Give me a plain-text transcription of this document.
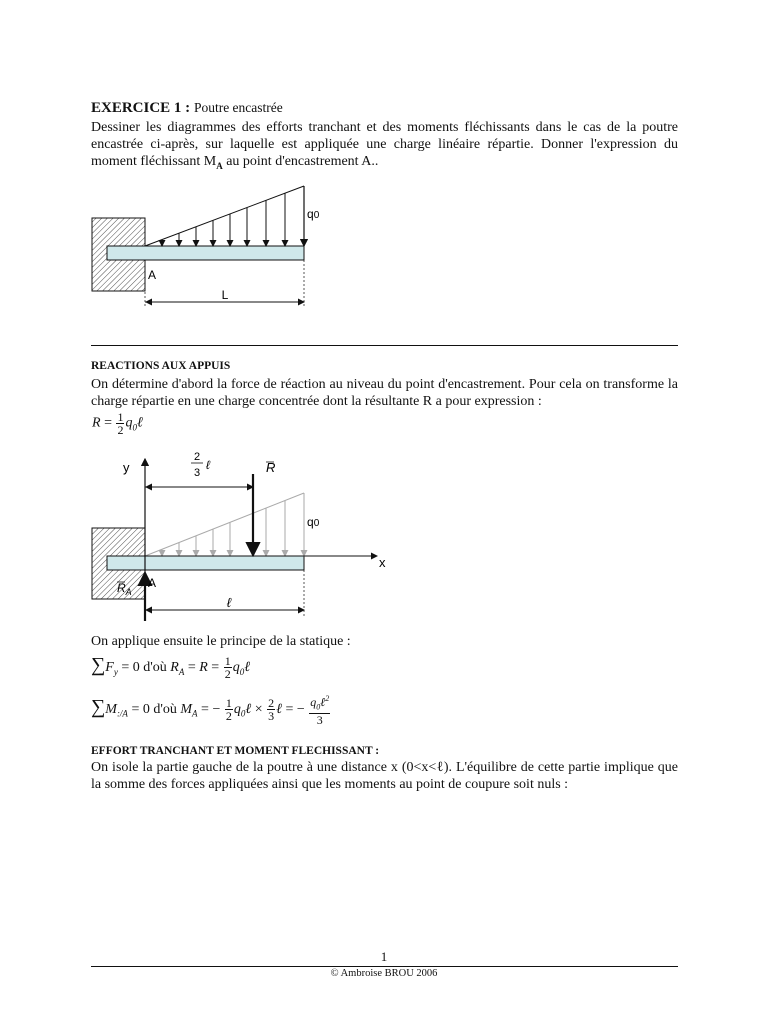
EXERCICE 1 : Poutre encastrée
Dessiner les diagrammes des efforts tranchant et des moments fléchissants dans le cas de la poutre encastrée ci-après, sur laquelle est appliquée une charge linéaire répartie. Donner l'expression du moment fléchissant $M_A$ au point d'encastrement A..
q0
A
L
REACTIONS AUX APPUIS
On détermine d'abord la force de réaction au niveau du point d'encastrement. Pour cela on transforme la charge répartie en une charge concentrée dont la résultante R a pour expression :
$R = \frac{1}{2}$ $q_0\ell$
q0
y
x
R
2
3
ℓ
$R_A$
A
ℓ
On applique ensuite le principe de la statique :
$\sum F_y = 0$ d'où $R_A = R = \frac{1}{2}$ $q_0\ell$
$\sum M_{:/A} = 0$ d'où $M_A$ = − $\frac{1}{2}$ $q_0\ell \times \frac{2}{3}$ ℓ = − $\frac{q_0\ell^2}{3}$
EFFORT TRANCHANT ET MOMENT FLECHISSANT :
On isole la partie gauche de la poutre à une distance x (0<x<ℓ). L'équilibre de cette partie implique que la somme des forces appliquées ainsi que les moments au point de coupure soit nuls :
1
© Ambroise BROU 2006
